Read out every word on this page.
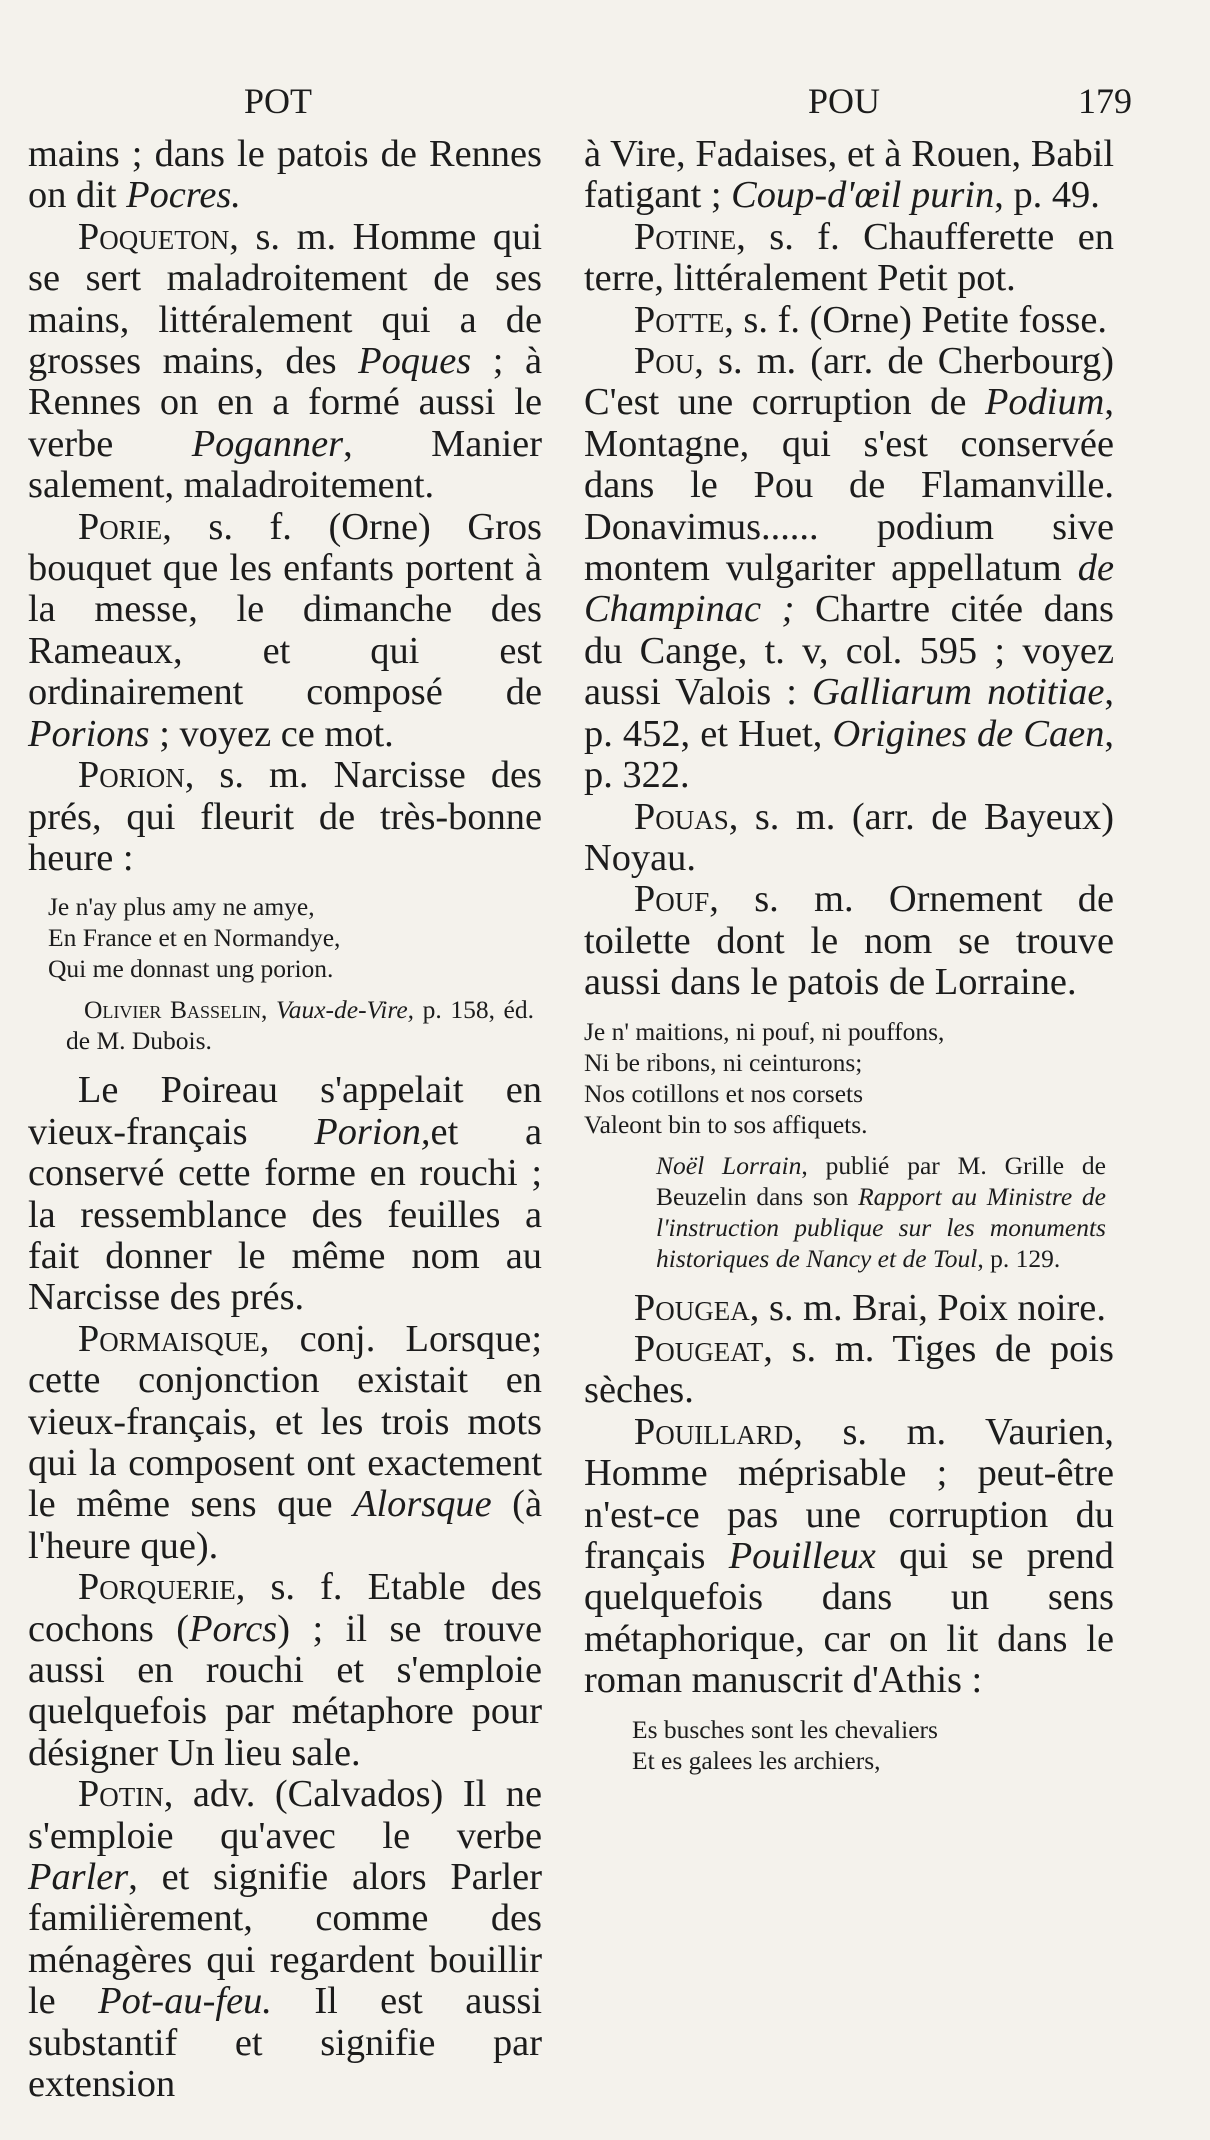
POT	POU	179

mains ; dans le patois de Rennes on dit Pocres.

Poqueton, s. m. Homme qui se sert maladroitement de ses mains, littéralement qui a de grosses mains, des Poques ; à Rennes on en a formé aussi le verbe Poganner, Manier salement, maladroitement.

Porie, s. f. (Orne) Gros bouquet que les enfants portent à la messe, le dimanche des Rameaux, et qui est ordinairement composé de Porions ; voyez ce mot.

Porion, s. m. Narcisse des prés, qui fleurit de très-bonne heure :

Je n'ay plus amy ne amye,
En France et en Normandye,
Qui me donnast ung porion.
Olivier Basselin, Vaux-de-Vire, p. 158, éd. de M. Dubois.

Le Poireau s'appelait en vieux-français Porion,et a conservé cette forme en rouchi ; la ressemblance des feuilles a fait donner le même nom au Narcisse des prés.

Pormaisque, conj. Lorsque; cette conjonction existait en vieux-français, et les trois mots qui la composent ont exactement le même sens que Alorsque (à l'heure que).

Porquerie, s. f. Etable des cochons (Porcs) ; il se trouve aussi en rouchi et s'emploie quelquefois par métaphore pour désigner Un lieu sale.

Potin, adv. (Calvados) Il ne s'emploie qu'avec le verbe Parler, et signifie alors Parler familièrement, comme des ménagères qui regardent bouillir le Pot-au-feu. Il est aussi substantif et signifie par extension

à Vire, Fadaises, et à Rouen, Babil fatigant ; Coup-d'œil purin, p. 49.

Potine, s. f. Chaufferette en terre, littéralement Petit pot.

Potte, s. f. (Orne) Petite fosse.

Pou, s. m. (arr. de Cherbourg) C'est une corruption de Podium, Montagne, qui s'est conservée dans le Pou de Flamanville. Donavimus...... podium sive montem vulgariter appellatum de Champinac ; Chartre citée dans du Cange, t. v, col. 595 ; voyez aussi Valois : Galliarum notitiae, p. 452, et Huet, Origines de Caen, p. 322.

Pouas, s. m. (arr. de Bayeux) Noyau.

Pouf, s. m. Ornement de toilette dont le nom se trouve aussi dans le patois de Lorraine.

Je n' maitions, ni pouf, ni pouffons,
Ni be ribons, ni ceinturons;
Nos cotillons et nos corsets
Valeont bin to sos affiquets.
Noël Lorrain, publié par M. Grille de Beuzelin dans son Rapport au Ministre de l'instruction publique sur les monuments historiques de Nancy et de Toul, p. 129.

Pougea, s. m. Brai, Poix noire.

Pougeat, s. m. Tiges de pois sèches.

Pouillard, s. m. Vaurien, Homme méprisable ; peut-être n'est-ce pas une corruption du français Pouilleux qui se prend quelquefois dans un sens métaphorique, car on lit dans le roman manuscrit d'Athis :

Es busches sont les chevaliers
Et es galees les archiers,
